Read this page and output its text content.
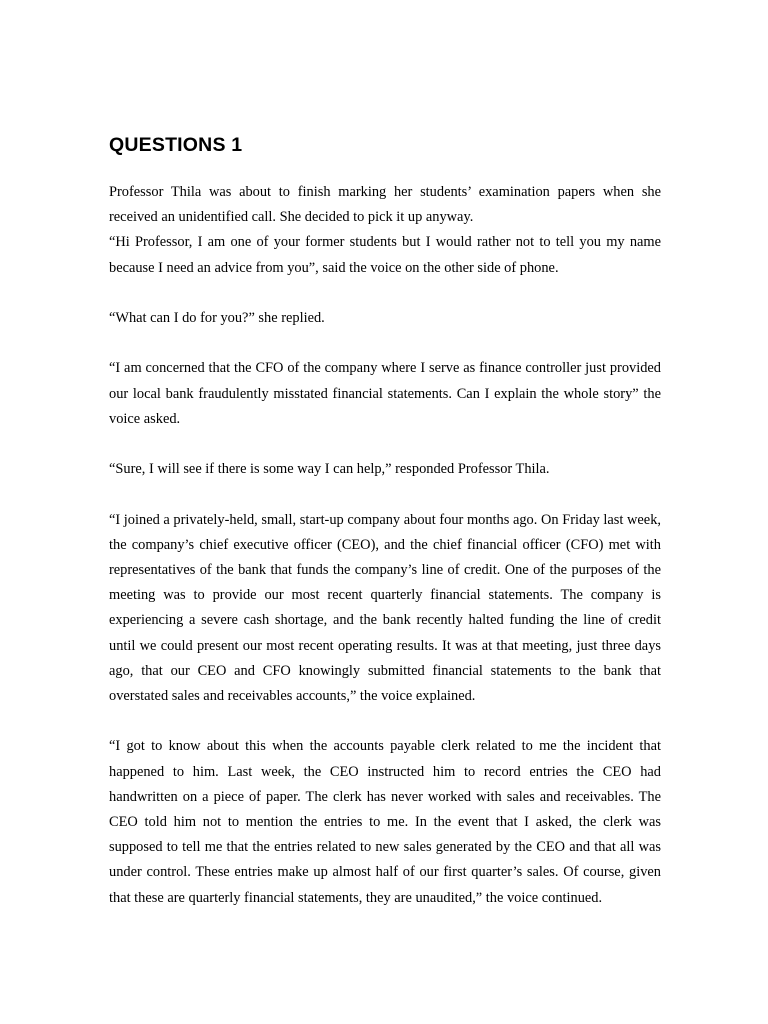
QUESTIONS 1

Professor Thila was about to finish marking her students’ examination papers when she received an unidentified call. She decided to pick it up anyway.

“Hi Professor, I am one of your former students but I would rather not to tell you my name because I need an advice from you”, said the voice on the other side of phone.

“What can I do for you?” she replied.

“I am concerned that the CFO of the company where I serve as finance controller just provided our local bank fraudulently misstated financial statements. Can I explain the whole story” the voice asked.

“Sure, I will see if there is some way I can help,” responded Professor Thila.

“I joined a privately-held, small, start-up company about four months ago. On Friday last week, the company’s chief executive officer (CEO), and the chief financial officer (CFO) met with representatives of the bank that funds the company’s line of credit. One of the purposes of the meeting was to provide our most recent quarterly financial statements. The company is experiencing a severe cash shortage, and the bank recently halted funding the line of credit until we could present our most recent operating results. It was at that meeting, just three days ago, that our CEO and CFO knowingly submitted financial statements to the bank that overstated sales and receivables accounts,” the voice explained.

“I got to know about this when the accounts payable clerk related to me the incident that happened to him. Last week, the CEO instructed him to record entries the CEO had handwritten on a piece of paper. The clerk has never worked with sales and receivables. The CEO told him not to mention the entries to me. In the event that I asked, the clerk was supposed to tell me that the entries related to new sales generated by the CEO and that all was under control. These entries make up almost half of our first quarter’s sales. Of course, given that these are quarterly financial statements, they are unaudited,” the voice continued.
